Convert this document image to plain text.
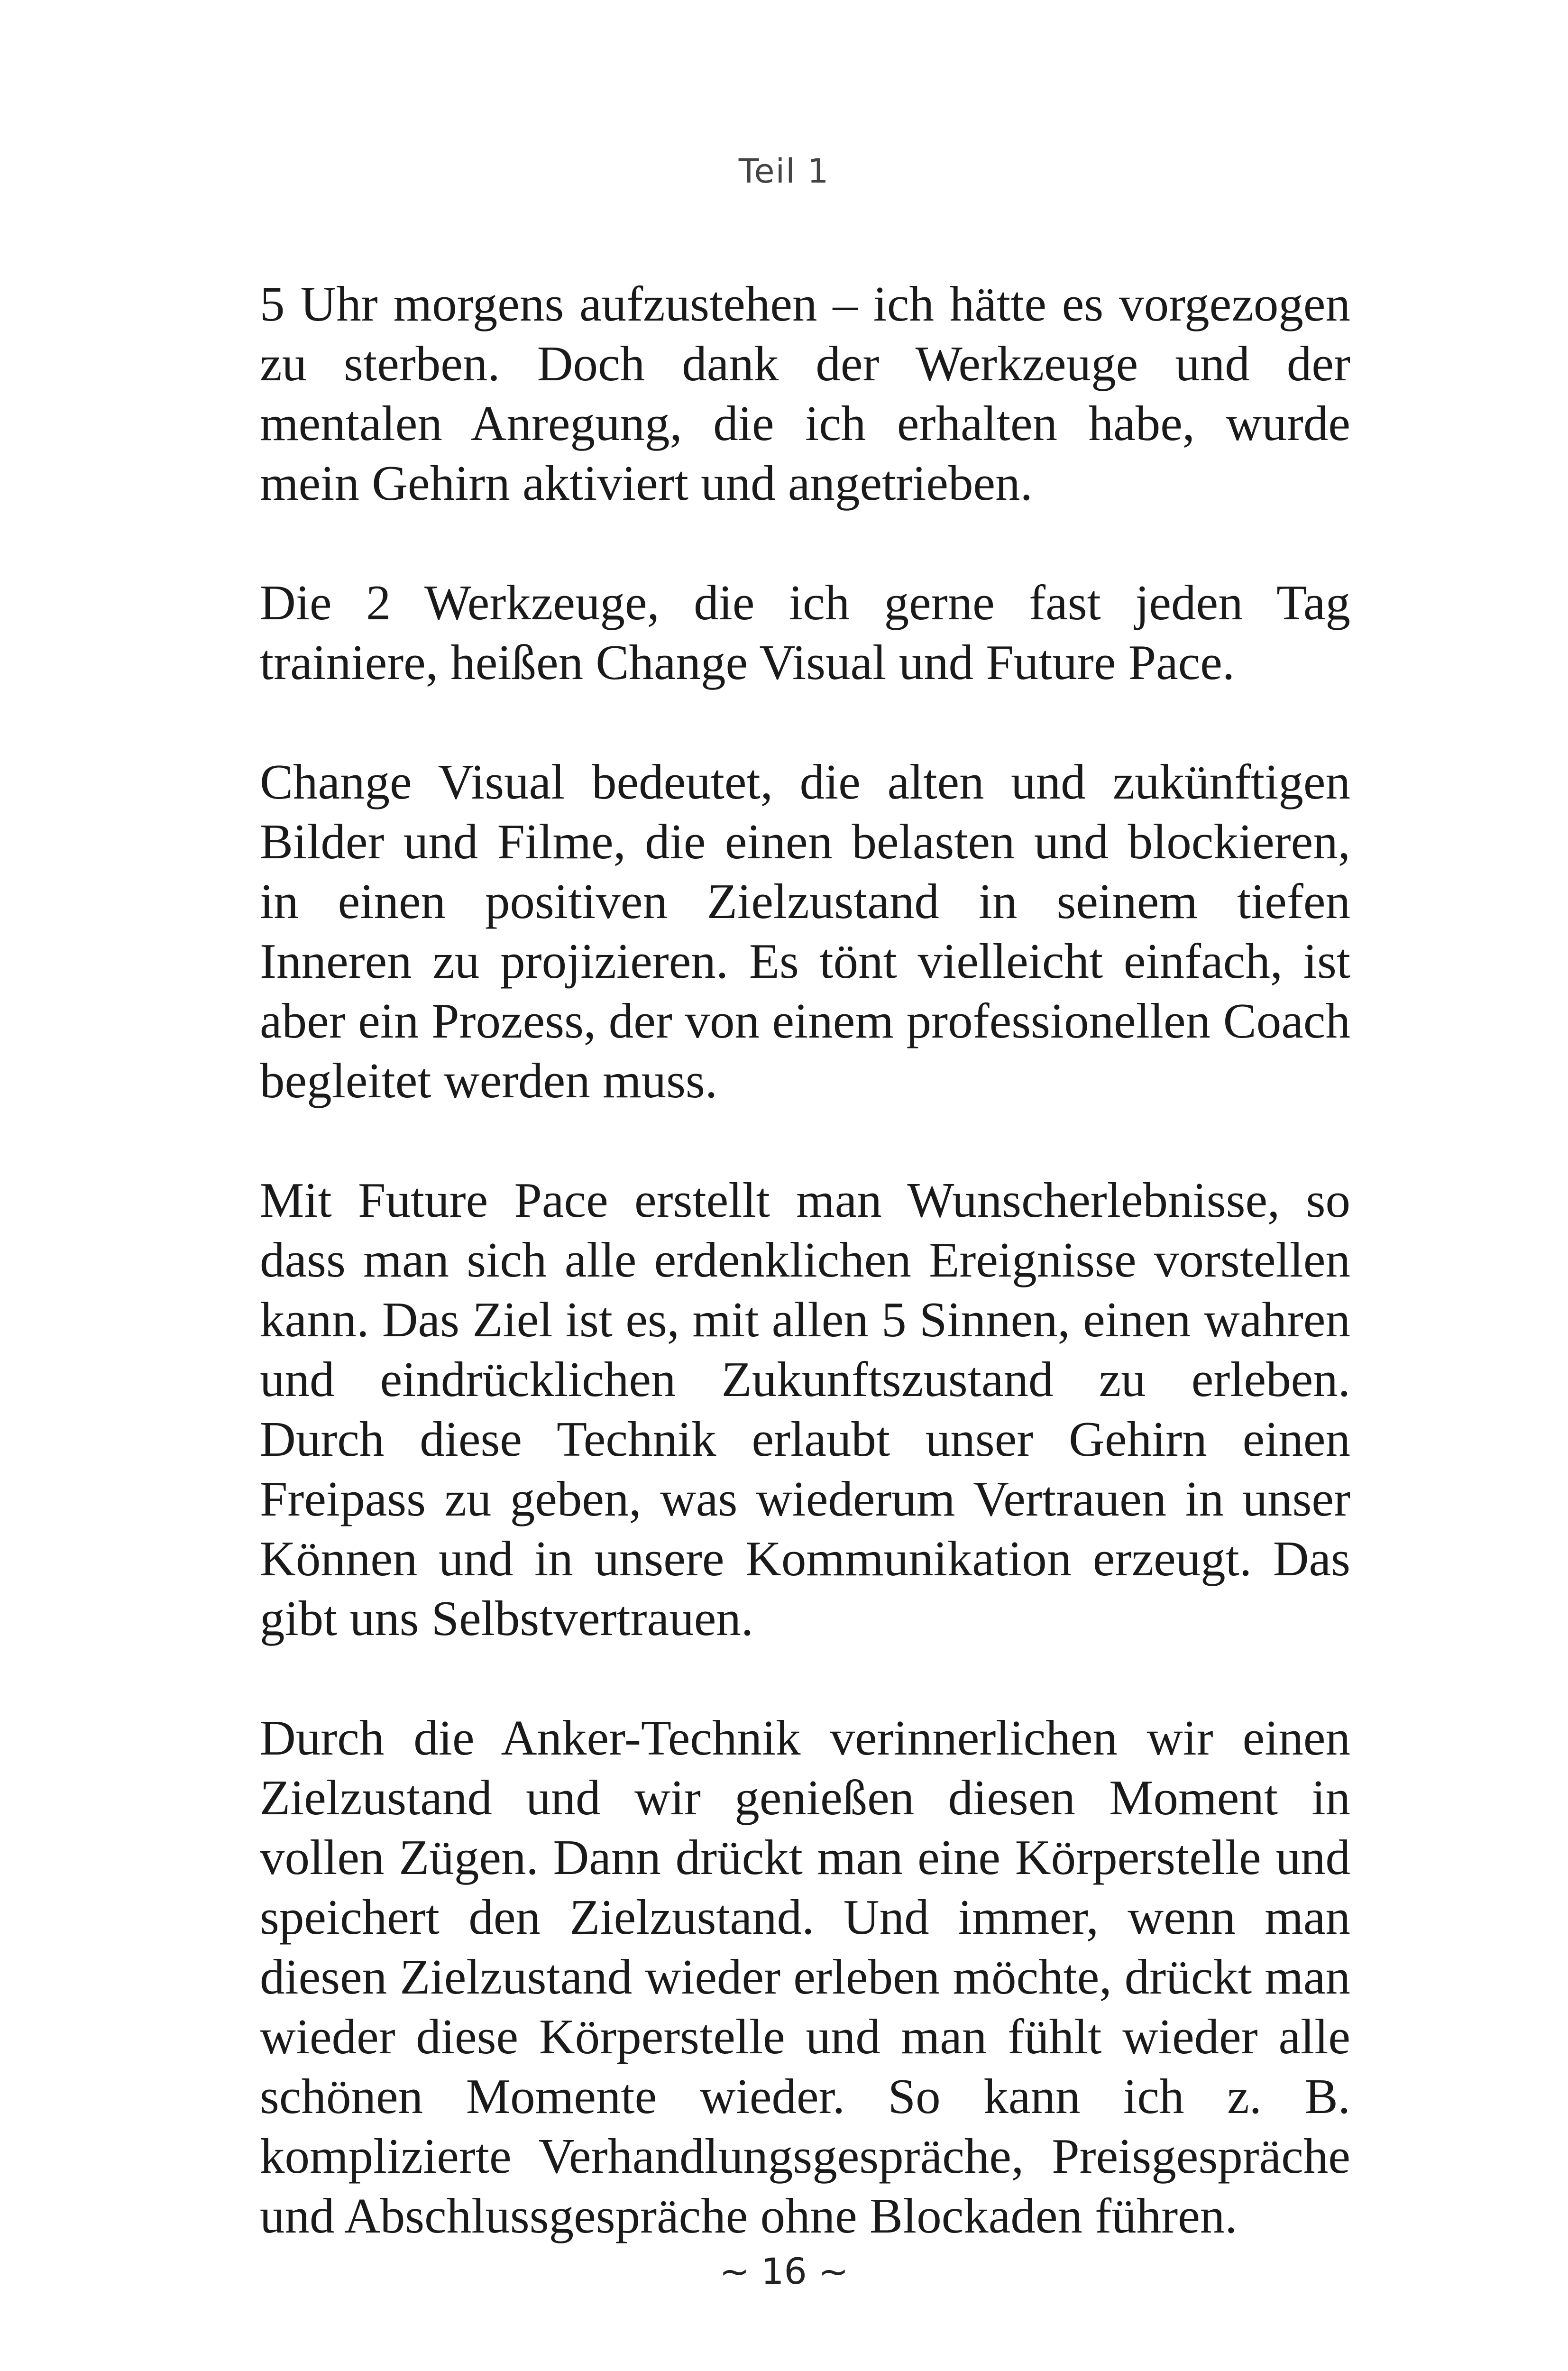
Teil 1

5 Uhr morgens aufzustehen – ich hätte es vorgezogen zu sterben. Doch dank der Werkzeuge und der mentalen Anregung, die ich erhalten habe, wurde mein Gehirn aktiviert und angetrieben.

Die 2 Werkzeuge, die ich gerne fast jeden Tag trainiere, heißen Change Visual und Future Pace.

Change Visual bedeutet, die alten und zukünftigen Bilder und Filme, die einen belasten und blockieren, in einen positiven Zielzustand in seinem tiefen Inneren zu projizieren. Es tönt vielleicht einfach, ist aber ein Prozess, der von einem professionellen Coach begleitet werden muss.

Mit Future Pace erstellt man Wunscherlebnisse, so dass man sich alle erdenklichen Ereignisse vorstellen kann. Das Ziel ist es, mit allen 5 Sinnen, einen wahren und eindrücklichen Zukunftszustand zu erleben. Durch diese Technik erlaubt unser Gehirn einen Freipass zu geben, was wiederum Vertrauen in unser Können und in unsere Kommunikation erzeugt. Das gibt uns Selbstvertrauen.

Durch die Anker-Technik verinnerlichen wir einen Zielzustand und wir genießen diesen Moment in vollen Zügen. Dann drückt man eine Körperstelle und speichert den Zielzustand. Und immer, wenn man diesen Zielzustand wieder erleben möchte, drückt man wieder diese Körperstelle und man fühlt wieder alle schönen Momente wieder. So kann ich z. B. komplizierte Verhandlungsgespräche, Preisgespräche und Abschlussgespräche ohne Blockaden führen.

~ 16 ~
